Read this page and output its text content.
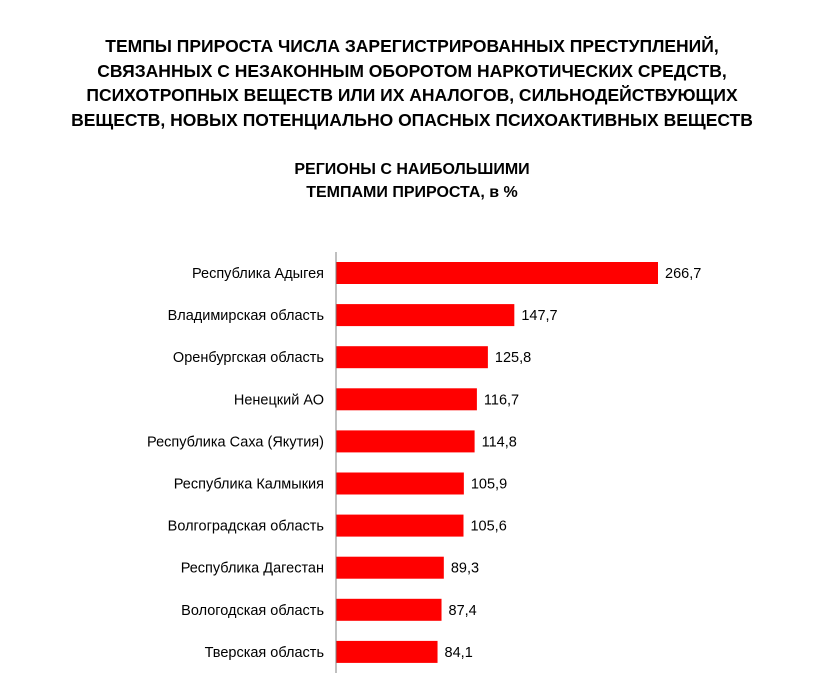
ТЕМПЫ ПРИРОСТА ЧИСЛА ЗАРЕГИСТРИРОВАННЫХ ПРЕСТУПЛЕНИЙ,
СВЯЗАННЫХ С НЕЗАКОННЫМ ОБОРОТОМ НАРКОТИЧЕСКИХ СРЕДСТВ,
ПСИХОТРОПНЫХ ВЕЩЕСТВ ИЛИ ИХ АНАЛОГОВ, СИЛЬНОДЕЙСТВУЮЩИХ
ВЕЩЕСТВ, НОВЫХ ПОТЕНЦИАЛЬНО ОПАСНЫХ ПСИХОАКТИВНЫХ ВЕЩЕСТВ
РЕГИОНЫ С НАИБОЛЬШИМИ
ТЕМПАМИ ПРИРОСТА, в %
Республика Адыгея	266,7
Владимирская область	147,7
Оренбургская область	125,8
Ненецкий АО	116,7
Республика Саха (Якутия)	114,8
Республика Калмыкия	105,9
Волгоградская область	105,6
Республика Дагестан	89,3
Вологодская область	87,4
Тверская область	84,1
